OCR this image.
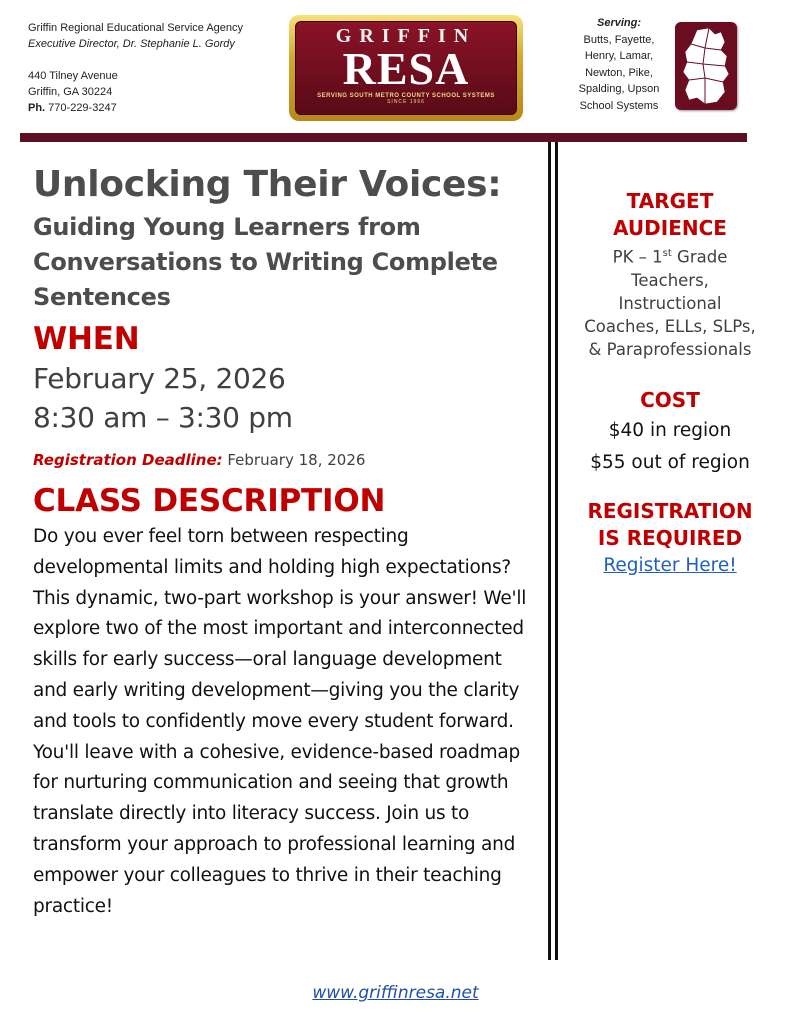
Griffin Regional Educational Service Agency
Executive Director, Dr. Stephanie L. Gordy
440 Tilney Avenue
Griffin, GA 30224
Ph. 770-229-3247
GRIFFIN
RESA
SERVING SOUTH METRO COUNTY SCHOOL SYSTEMS
SINCE 1966
Serving:
Butts, Fayette,
Henry, Lamar,
Newton, Pike,
Spalding, Upson
School Systems
Unlocking Their Voices:
Guiding Young Learners from Conversations to Writing Complete Sentences
WHEN
February 25, 2026
8:30 am – 3:30 pm
Registration Deadline: February 18, 2026
CLASS DESCRIPTION
Do you ever feel torn between respecting developmental limits and holding high expectations? This dynamic, two-part workshop is your answer! We'll explore two of the most important and interconnected skills for early success—oral language development and early writing development—giving you the clarity and tools to confidently move every student forward. You'll leave with a cohesive, evidence-based roadmap for nurturing communication and seeing that growth translate directly into literacy success. Join us to transform your approach to professional learning and empower your colleagues to thrive in their teaching practice!
TARGET
AUDIENCE
PK – 1st Grade
Teachers,
Instructional
Coaches, ELLs, SLPs,
& Paraprofessionals
COST
$40 in region
$55 out of region
REGISTRATION
IS REQUIRED
Register Here!
www.griffinresa.net
